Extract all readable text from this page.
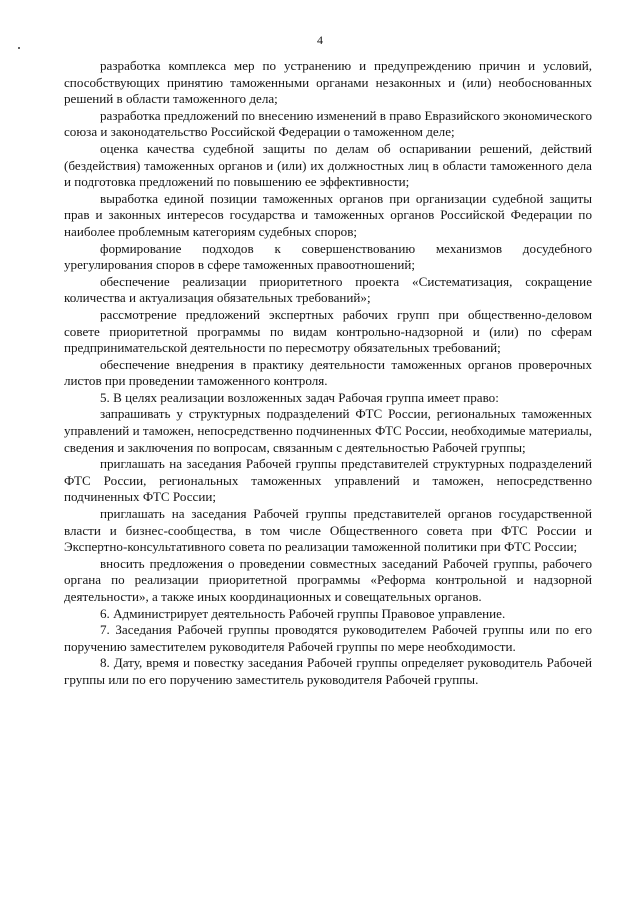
4

разработка комплекса мер по устранению и предупреждению причин и условий, способствующих принятию таможенными органами незаконных и (или) необоснованных решений в области таможенного дела;

разработка предложений по внесению изменений в право Евразийского экономического союза и законодательство Российской Федерации о таможенном деле;

оценка качества судебной защиты по делам об оспаривании решений, действий (бездействия) таможенных органов и (или) их должностных лиц в области таможенного дела и подготовка предложений по повышению ее эффективности;

выработка единой позиции таможенных органов при организации судебной защиты прав и законных интересов государства и таможенных органов Российской Федерации по наиболее проблемным категориям судебных споров;

формирование подходов к совершенствованию механизмов досудебного урегулирования споров в сфере таможенных правоотношений;

обеспечение реализации приоритетного проекта «Систематизация, сокращение количества и актуализация обязательных требований»;

рассмотрение предложений экспертных рабочих групп при общественно-деловом совете приоритетной программы по видам контрольно-надзорной и (или) по сферам предпринимательской деятельности по пересмотру обязательных требований;

обеспечение внедрения в практику деятельности таможенных органов проверочных листов при проведении таможенного контроля.

5. В целях реализации возложенных задач Рабочая группа имеет право:

запрашивать у структурных подразделений ФТС России, региональных таможенных управлений и таможен, непосредственно подчиненных ФТС России, необходимые материалы, сведения и заключения по вопросам, связанным с деятельностью Рабочей группы;

приглашать на заседания Рабочей группы представителей структурных подразделений ФТС России, региональных таможенных управлений и таможен, непосредственно подчиненных ФТС России;

приглашать на заседания Рабочей группы представителей органов государственной власти и бизнес-сообщества, в том числе Общественного совета при ФТС России и Экспертно-консультативного совета по реализации таможенной политики при ФТС России;

вносить предложения о проведении совместных заседаний Рабочей группы, рабочего органа по реализации приоритетной программы «Реформа контрольной и надзорной деятельности», а также иных координационных и совещательных органов.

6. Администрирует деятельность Рабочей группы Правовое управление.

7. Заседания Рабочей группы проводятся руководителем Рабочей группы или по его поручению заместителем руководителя Рабочей группы по мере необходимости.

8. Дату, время и повестку заседания Рабочей группы определяет руководитель Рабочей группы или по его поручению заместитель руководителя Рабочей группы.
